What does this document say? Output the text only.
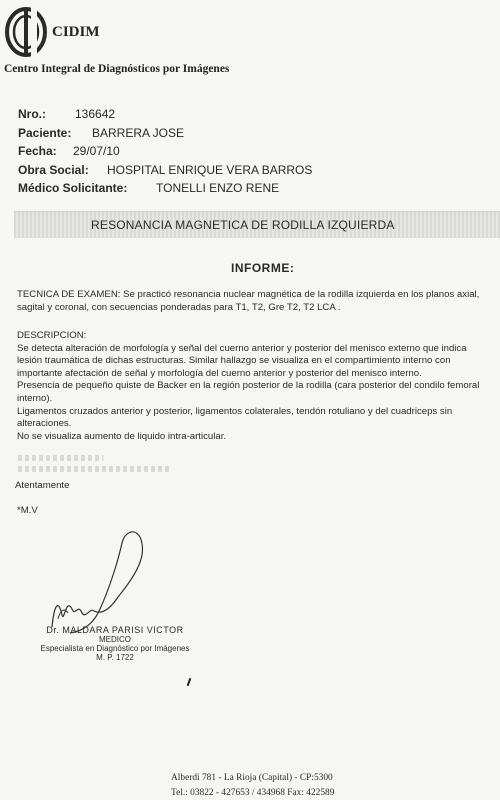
CIDIM
Centro Integral de Diagnósticos por Imágenes
Nro.: 136642
Paciente: BARRERA JOSE
Fecha: 29/07/10
Obra Social: HOSPITAL ENRIQUE VERA BARROS
Médico Solicitante: TONELLI ENZO RENE
RESONANCIA MAGNETICA DE RODILLA IZQUIERDA
INFORME:
TECNICA DE EXAMEN: Se practicó resonancia nuclear magnética de la rodilla izquierda en los planos axial,
sagital y coronal, con secuencias ponderadas para T1, T2, Gre T2, T2 LCA .
DESCRIPCION:
Se detecta alteración de morfología y señal del cuerno anterior y posterior del menisco externo que indica
lesión traumática de dichas estructuras. Similar hallazgo se visualiza en el compartimiento interno con
importante afectación de señal y morfología del cuerno anterior y posterior del menisco interno.
Presencia de pequeño quiste de Backer en la región posterior de la rodilla (cara posterior del condilo femoral
interno).
Ligamentos cruzados anterior y posterior, ligamentos colaterales, tendón rotuliano y del cuadriceps sin
alteraciones.
No se visualiza aumento de liquido intra-articular.
Atentamente
*M.V
Dr. MALDARA PARISI VICTOR
MEDICO
Especialista en Diagnóstico por Imágenes
M. P. 1722
Alberdi 781 - La Rioja (Capital) - CP:5300
Tel.: 03822 - 427653 / 434968 Fax: 422589
